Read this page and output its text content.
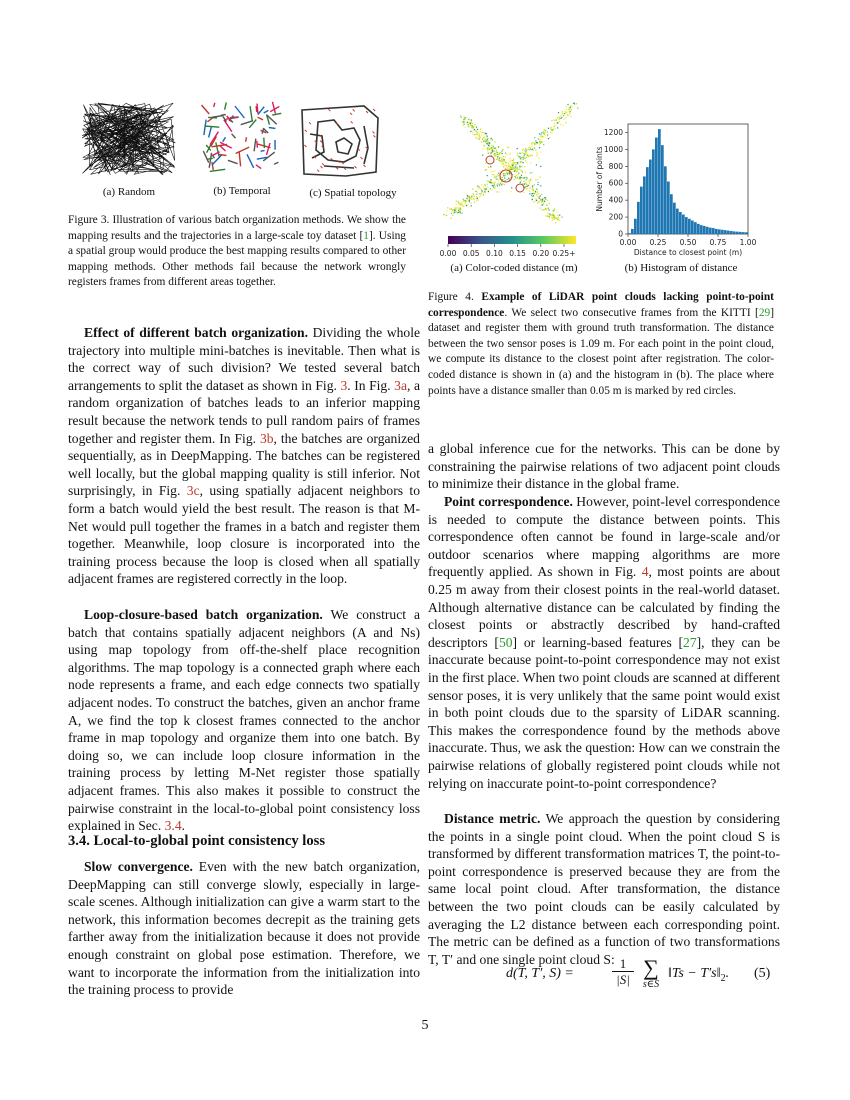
(a) Random	(b) Temporal	(c) Spatial topology

Figure 3. Illustration of various batch organization methods. We show the mapping results and the trajectories in a large-scale toy dataset [1]. Using a spatial group would produce the best mapping results compared to other mapping methods. Other methods fail because the network wrongly registers frames from different areas together.

Effect of different batch organization. Dividing the whole trajectory into multiple mini-batches is inevitable. Then what is the correct way of such division? We tested several batch arrangements to split the dataset as shown in Fig. 3. In Fig. 3a, a random organization of batches leads to an inferior mapping result because the network tends to pull random pairs of frames together and register them. In Fig. 3b, the batches are organized sequentially, as in DeepMapping. The batches can be registered well locally, but the global mapping quality is still inferior. Not surprisingly, in Fig. 3c, using spatially adjacent neighbors to form a batch would yield the best result. The reason is that M-Net would pull together the frames in a batch and register them together. Meanwhile, loop closure is incorporated into the training process because the loop is closed when all spatially adjacent frames are registered correctly in the loop.

Loop-closure-based batch organization. We construct a batch that contains spatially adjacent neighbors (A and Ns) using map topology from off-the-shelf place recognition algorithms. The map topology is a connected graph where each node represents a frame, and each edge connects two spatially adjacent nodes. To construct the batches, given an anchor frame A, we find the top k closest frames connected to the anchor frame in map topology and organize them into one batch. By doing so, we can include loop closure information in the training process by letting M-Net register those spatially adjacent frames. This also makes it possible to construct the pairwise constraint in the local-to-global point consistency loss explained in Sec. 3.4.

3.4. Local-to-global point consistency loss

Slow convergence. Even with the new batch organization, DeepMapping can still converge slowly, especially in large-scale scenes. Although initialization can give a warm start to the network, this information becomes decrepit as the training gets farther away from the initialization because it does not provide enough constraint on global pose estimation. Therefore, we want to incorporate the information from the initialization into the training process to provide

0.00 0.05 0.10 0.15 0.20 0.25+
(a) Color-coded distance (m)
0
200
400
600
800
1000
1200
0.00 0.25 0.50 0.75 1.00
Distance to closest point (m)
Number of points
(b) Histogram of distance

Figure 4. Example of LiDAR point clouds lacking point-to-point correspondence. We select two consecutive frames from the KITTI [29] dataset and register them with ground truth transformation. The distance between the two sensor poses is 1.09 m. For each point in the point cloud, we compute its distance to the closest point after registration. The color-coded distance is shown in (a) and the histogram in (b). The place where points have a distance smaller than 0.05 m is marked by red circles.

a global inference cue for the networks. This can be done by constraining the pairwise relations of two adjacent point clouds to minimize their distance in the global frame.

Point correspondence. However, point-level correspondence is needed to compute the distance between points. This correspondence often cannot be found in large-scale and/or outdoor scenarios where mapping algorithms are more frequently applied. As shown in Fig. 4, most points are about 0.25 m away from their closest points in the real-world dataset. Although alternative distance can be calculated by finding the closest points or abstractly described by hand-crafted descriptors [50] or learning-based features [27], they can be inaccurate because point-to-point correspondence may not exist in the first place. When two point clouds are scanned at different sensor poses, it is very unlikely that the same point would exist in both point clouds due to the sparsity of LiDAR scanning. This makes the correspondence found by the methods above inaccurate. Thus, we ask the question: How can we constrain the pairwise relations of globally registered point clouds while not relying on inaccurate point-to-point correspondence?

Distance metric. We approach the question by considering the points in a single point cloud. When the point cloud S is transformed by different transformation matrices T, the point-to-point correspondence is preserved because they are from the same local point cloud. After transformation, the distance between the two point clouds can be easily calculated by averaging the L2 distance between each corresponding point. The metric can be defined as a function of two transformations T, T′ and one single point cloud S:

d(T, T′, S) =
1
|S| ∑
s∈S
‖Ts − $T's‖_2$. (5)
5
